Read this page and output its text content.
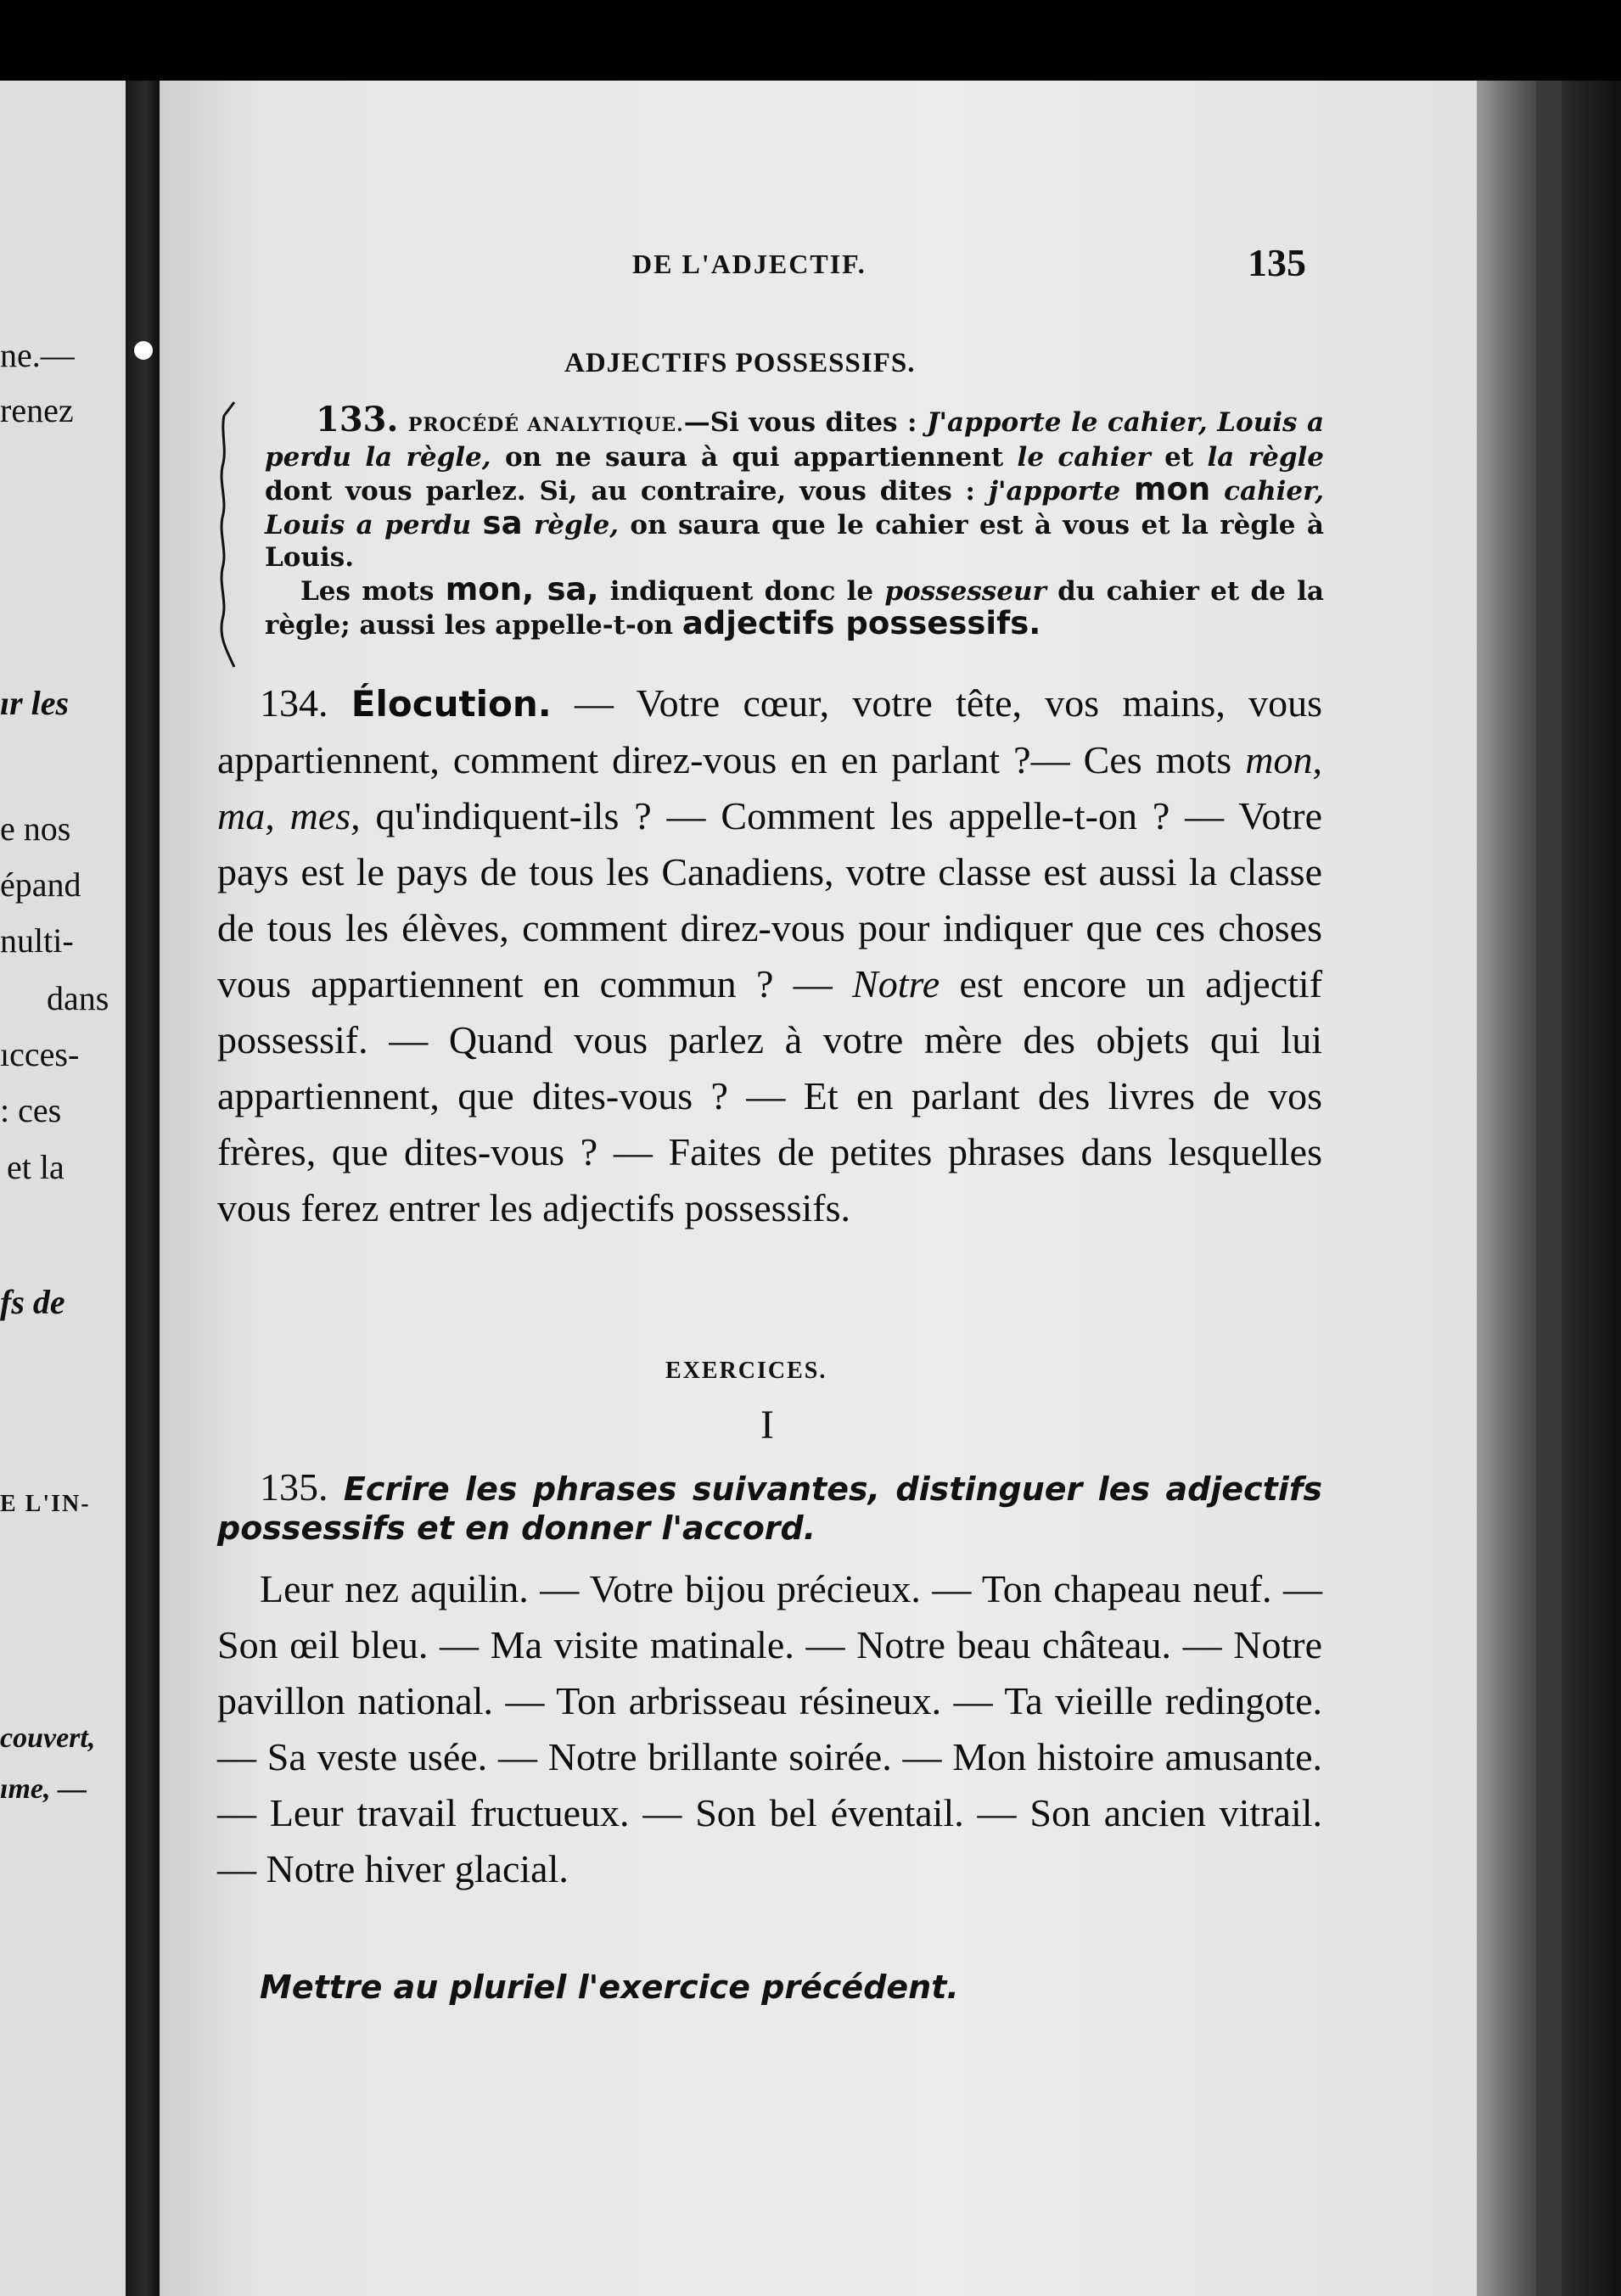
ne.—
renez
ır les
e nos
épand
nulti-
dans
ıcces-
: ces
et la
fs de
E L'IN-
couvert,
ıme, —
DE L'ADJECTIF.	135
ADJECTIFS POSSESSIFS.
133. PROCÉDÉ ANALYTIQUE.—Si vous dites : J'apporte le cahier, Louis a perdu la règle, on ne saura à qui appartiennent le cahier et la règle dont vous parlez. Si, au contraire, vous dites : j'apporte mon cahier, Louis a perdu sa règle, on saura que le cahier est à vous et la règle à Louis.
Les mots mon, sa, indiquent donc le possesseur du cahier et de la règle; aussi les appelle-t-on adjectifs possessifs.
134. Élocution. — Votre cœur, votre tête, vos mains, vous appartiennent, comment direz-vous en en parlant ?— Ces mots mon, ma, mes, qu'indiquent-ils ? — Comment les appelle-t-on ? — Votre pays est le pays de tous les Canadiens, votre classe est aussi la classe de tous les élèves, comment direz-vous pour indiquer que ces choses vous appartiennent en commun ? — Notre est encore un adjectif possessif. — Quand vous parlez à votre mère des objets qui lui appartiennent, que dites-vous ? — Et en parlant des livres de vos frères, que dites-vous ? — Faites de petites phrases dans lesquelles vous ferez entrer les adjectifs possessifs.
EXERCICES.
I
135. Ecrire les phrases suivantes, distinguer les adjectifs possessifs et en donner l'accord.
Leur nez aquilin. — Votre bijou précieux. — Ton chapeau neuf. — Son œil bleu. — Ma visite matinale. — Notre beau château. — Notre pavillon national. — Ton arbrisseau résineux. — Ta vieille redingote. — Sa veste usée. — Notre brillante soirée. — Mon histoire amusante. — Leur travail fructueux. — Son bel éventail. — Son ancien vitrail. — Notre hiver glacial.
Mettre au pluriel l'exercice précédent.
